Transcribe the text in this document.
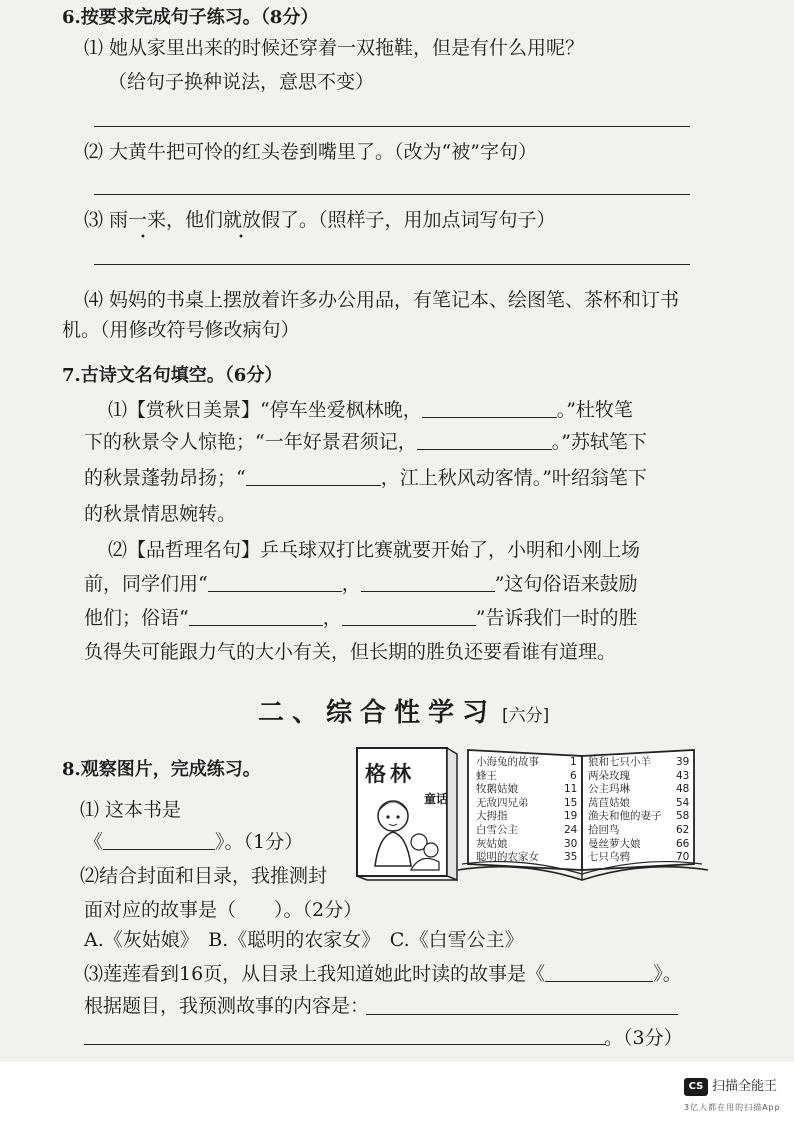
6.按要求完成句子练习。（8分）
⑴ 她从家里出来的时候还穿着一双拖鞋，但是有什么用呢？
（给句子换种说法，意思不变）
⑵ 大黄牛把可怜的红头卷到嘴里了。（改为“被”字句）
⑶ 雨一来，他们就放假了。（照样子，用加点词写句子）
•	•
⑷ 妈妈的书桌上摆放着许多办公用品，有笔记本、绘图笔、茶杯和订书
机。（用修改符号修改病句）
7.古诗文名句填空。（6分）
⑴【赏秋日美景】“停车坐爱枫林晚，	。”杜牧笔
下的秋景令人惊艳；“一年好景君须记，	。”苏轼笔下
的秋景蓬勃昂扬；“	，江上秋风动客情。”叶绍翁笔下
的秋景情思婉转。
⑵【品哲理名句】乒乓球双打比赛就要开始了，小明和小刚上场
前，同学们用“	，	”这句俗语来鼓励
他们；俗语“	，	”告诉我们一时的胜
负得失可能跟力气的大小有关，但长期的胜负还要看谁有道理。
二、综合性学习 [六分]
格林
童话
小海兔的故事	1 狼和七只小羊 39
蜂王	6 两朵玫瑰	43
牧鹅姑娘	11 公主玛琳	48
无敌四兄弟	15 莴苣姑娘	54
大拇指	19 渔夫和他的妻子 58
白雪公主	24 拾回鸟	62
灰姑娘	30 曼丝萝大娘	66
聪明的农家女 35 七只乌鸦	70
8.观察图片，完成练习。
⑴ 这本书是
《	》。（1分）
⑵结合封面和目录，我推测封
面对应的故事是（　　）。（2分）
A.《灰姑娘》　B.《聪明的农家女》　C.《白雪公主》
⑶莲莲看到16页，从目录上我知道她此时读的故事是《	》。
根据题目，我预测故事的内容是：
。（3分）
CS 扫描全能王
3亿人都在用的扫描App
